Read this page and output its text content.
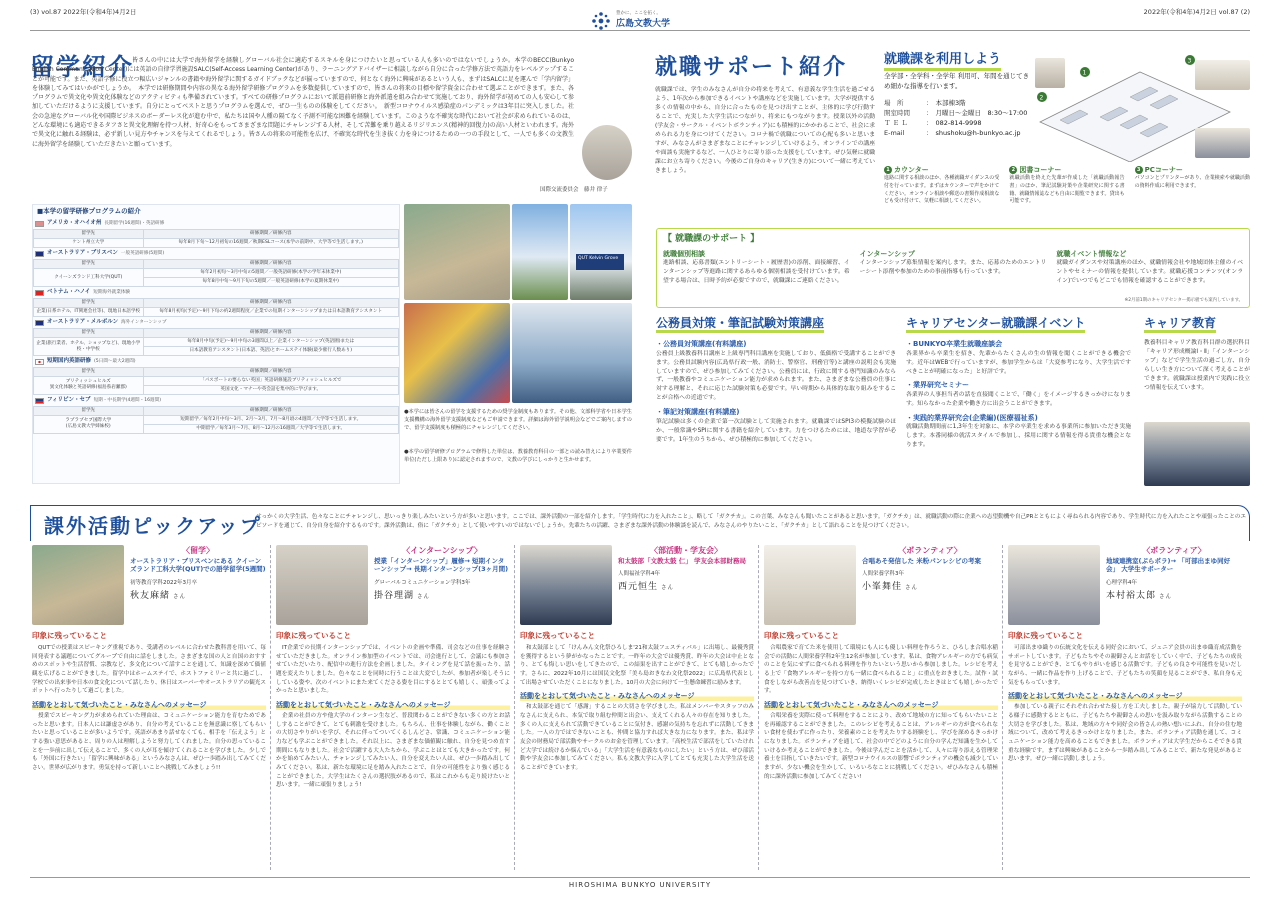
(3) vol.87 2022年(令和4年)4月2日	2022年(令和4年)4月2日 vol.87 (2)
豊かに、ここを拓く。
広島文教大学
留学紹介
皆さんの中には大学で海外留学を経験しグローバル社会に適応するスキルを身につけたいと思っている人も多いのではないでしょうか。本学のBECC(Bunkyo English Communication Center)には英語の自律学習施設SALC(Self-Access Learning Center)があり、ラーニングアドバイザーに相談しながら自分に合った学修方法で英語力をレベルアップすることが可能です。また、英語学修に役立つ幅広いジャンルの書籍や海外留学に関するガイドブックなどが揃っていますので、何となく海外に興味があるという人も、まずはSALCに足を運んで「学内留学」を体験してみてはいかがでしょうか。　本学では研修期間や内容の異なる海外留学研修プログラムを多数提供していますので、皆さんの将来の目標や留学資金に合わせて選ぶことができます。また、各プログラムで異文化や異文化体験などのアクティビティも準備されています。すべての研修プログラムにおいて派遣前研修と海外派遣を組み合わせて実施しており、海外留学が初めての人も安心して参加していただけるように支援しています。自分にとってベストと思うプログラムを選んで、ぜひ一生ものの体験をしてください。　新型コロナウイルス感染症のパンデミックは3年目に突入しました。社会の急速なグローバル化や国際ビジネスのボーダーレス化が進む中で、私たちは国や人種の隔てなく予測不可能な困難を経験しています。このような不確実な時代において社会が求められているのは、どんな環境にも適応できるタフさと異文化理解を持つ人材、好奇心をもってさまざまな問題にチャレンジする人材、そして苦難を乗り越えるリジリエンス(精神的回復力)の高い人材といわれます。海外で異文化に触れる経験は、必ず新しい見方やチャンスを与えてくれるでしょう。皆さんの将来の可能性を広げ、不確実な時代を生き抜く力を身につけるための一つの手段として、一人でも多くの文教生に海外留学を経験していただきたいと願っています。
国際交流委員会　藤井 律子
■本学の留学研修プログラムの紹介
アメリカ・オハイオ州 長期留学(16週間)・英語研修
留学先	研修期間／研修内容

ケント州立大学	毎年8月下旬〜12月初旬の16週間／秋期ESLコース(本学の前期中、大学等で生活します。)
オーストラリア・ブリスベン 一般英語研修(5週間)
留学先	研修期間／研修内容

クイーンズランド工科大学(QUT)	毎年2月初旬〜3月中旬の5週間／一般英語研修(本学の学年末休業中)
	毎年8月中旬〜9月下旬の5週間／一般英語研修(本学の夏期休業中)
ベトナム・ハノイ 短期海外就業体験
留学先	研修期間／研修内容

企業(日系ホテル、IT関連会社等)、現地日本語学校	毎年8月初旬(予定)〜9月下旬の約2週間程度／企業での短期インターンシップまたは日本語教育アシスタント
オーストラリア・メルボルン 海外インターンシップ
留学先	研修期間／研修内容

企業(旅行業者、ホテル、ショップなど)、現地小学校・中学校	毎年8月中旬(予定)〜9月中旬の3週間以上／企業インターンシップ(英語圏)または
	日本語教育アシスタント(日本語、英語)とホームステイ体験(最少催行人数あり)
短期国内英語研修 (5日間〜最大2週間)
留学先	研修期間／研修内容

ブリティッシュヒルズ
異文化体験と英語研修(福島県岩瀬郡)	「パスポートの要らない英国」英語研修施設ブリティッシュヒルズで
	英国文化・マナーや英会話を集中的に学びます。
フィリピン・セブ 短期・中長期学(4週間・16週間)
留学先	研修期間／研修内容

ラプラプセブ国際大学
(広島文教大学姉妹校)	短期留学／毎年2月中旬〜3月、2月〜3月、7月〜8月頃の4週間／大学等で生活します。
	中期留学／毎年3月〜7月、8月〜12月の16週間／大学等で生活します。
QUT Kelvin Grove
●本学には皆さんの留学を支援するための奨学金制度もあります。その他、文部科学省や日本学生支援機構の海外留学支援制度などもご申請できます。詳細は海外留学説明会などでご案内しますので、留学支援制度も積極的にチャレンジしてください。
●本学の留学研修プログラムで修得した単位は、教養教育科目の一部との読み替えにより卒業要件単位(ただし上限あり)に認定されますので、文教の学びにしっかりと生かせます。
就職サポート紹介
就職課では、学生のみなさんが自分の将来を考えて、有意義な学生生活を過ごせるよう、1年次から参加できるイベントや講座などを実施しています。大学が提供する多くの情報の中から、自分に合ったものを見つけ出すことが、主体的に学び行動することで、充実した大学生活につながり、将来にもつながります。授業以外の活動(学友会・サークル・イベントボランティア)にも積極的にかかわることで、社会に求められる力を身につけてください。コロナ禍で就職についての心配も多いと思いますが、みなさんがさまざまなことにチャレンジしていけるよう、オンラインでの講座や面談も実施するなど、一人ひとりに寄り添った支援をしています。ぜひ気軽に就職課にお立ち寄りください。今後のご自身のキャリア(生き方)について一緒に考えていきましょう。
就職課を利用しよう
全学部・全学科・全学年 利用可、年間を通じてきめ細かな指導を行います。
場　所	： 本部棟3階
開室時間	： 月曜日〜金曜日　8:30〜17:00
Ｔ Ｅ Ｌ	： 082-814-9998
E-mail	： shushoku@h-bunkyo.ac.jp
2
1
3
1 カウンター
進路に関する相談のほか、各種就職ガイダンスの受付を行っています。まずはカウンターで声をかけてください。オンライン相談や郵送の書類作成相談なども受け付けて、気軽に相談してください。
2 図書コーナー
就職活動を終えた先輩が作成した「就職活動報告書」のほか、筆記試験対策や企業研究に関する書籍、就職情報誌なども自由に閲覧できます。貸出も可能です。
3 PCコーナー
パソコンとプリンターがあり、企業検索や就職活動の資料作成に利用できます。
【 就職課のサポート 】
就職個別相談
進路相談、応募書類(エントリーシート・履歴書)の添削、面接練習、インターンシップ等進路に関するあらゆる個別相談を受付けています。希望する場合は、日時予約が必要ですので、就職課にご連絡ください。
インターンシップ
インターンシップ募集情報を案内します。また、応募のためのエントリーシート添削や参加のための事前指導も行っています。
就職イベント情報など
就職ガイダンスや対策講座のほか、就職情報会社や地域団体主催のイベントやセミナーの情報を提供しています。就職応援コンテンツ(オンライン)でいつでもどこでも情報を確認することができます。
※2月前1期のキャリアセンター掲示板でも案内しています。
公務員対策・筆記試験対策講座
・公務員対策講座(有料講座)
公務員上級教養科目講座と上級専門科目講座を実施しており、低価格で受講することができます。公務員試験内容(広島県行政一般、消防士、警察官、刑務官等)と講座の説明会も実施していますので、ぜひ参加してみてください。公務員には、行政に関する専門知識のみならず、一般教養やコミュニケーション能力が求められます。また、さまざまな公務員の仕事に対する理解と、それに応じた試験対策も必要です。早い時期から具体的な取り組みをすることが合格への近道です。
・筆記対策講座(有料講座)
筆記試験は多くの企業で第一次試験として実施されます。就職課ではSPI3の模擬試験のほか、一般常識やSPIに関する書籍を紹介しています。力をつけるためには、地道な学習が必要です。1年生のうちから、ぜひ積極的に参加してください。
キャリアセンター就職課イベント
・BUNKYO卒業生就職座談会
各業界から卒業生を招き、先輩からたくさんの生の情報を聞くことができる機会です。近年はWEBで行っていますが、参加学生からは「大変参考になり、大学生活ですべきことが明確になった」と好評です。
・業界研究セミナー
各業界の人事担当者の話を直接聞くことで、「働く」をイメージするきっかけになります。知らなかった企業や働き方に出会うことができます。
・実践的業界研究会(企業編)(医療福祉系)
就職活動期間前に1,3年生を対象に、本学の卒業生を求める事業所に参加いただき実施します。本番同様の就活スタイルで参加し、採用に関する情報を得る貴重な機会となります。
キャリア教育
教養科目キャリア教育科目群の選択科目「キャリア形成概論Ⅰ・Ⅱ」「インターンシップ」などで学生生活の過ごし方、自分らしい生き方について深く考えることができます。就職課は授業内で実践に役立つ情報を伝えています。
課外活動ピックアップ
せっかくの大学生活、色々なことにチャレンジし、思いっきり楽しみたいという方が多いと思います。ここでは、課外活動の一部を紹介します。「学生時代に力を入れたこと」、略して「ガクチカ」。この言葉、みなさんも聞いたことがあると思います。「ガクチカ」は、就職活動の際に企業への志望動機や自己PRとともによく尋ねられる内容であり、学生時代に力を入れたことや頑張ったことのエピソードを通じて、自分自身を紹介するものです。課外活動は、俗に「ガクチカ」として使いやすいのではないでしょうか。先輩たちの活躍、さまざまな課外活動の体験談を読んで、みなさんのやりたいこと、「ガクチカ」として語れることを見つけてください。
〈留学〉
オーストラリア・ブリスベンにある クイーンズランド工科大学(QUT)での語学留学(5週間)
初等教育学科2022年3月卒
秋友麻緒 さん
印象に残っていること
QUTでの授業はスピーキング重視であり、受講者のレベルに合わせた教科書を用いて、毎回発表する議題についてグループで自由に話をしました。さまざまな国の人と自国のおすすめのスポットや生活習慣、宗教など、多文化について話すことを通して、知識を深めて価値観を広げることができました。留学中はホームステイで、ホストファミリーと共に過ごし、学校での出来事や日本の食文化について話したり、休日はスーパーやオーストラリアの観光スポットへ行ったりして過ごしました。
活動をとおして気づいたこと・みなさんへのメッセージ
授業でスピーキング力が求められていた理由は、コミュニケーション能力を育むためであったと思います。日本人には謙虚さがあり、自分の考えていることを無意識に察してもらいたいと思っていることが多いようです。英語があまり話せなくても、相手を「伝えよう」とする強い意思があると、周りの人は理解しようと努力してくれました。自分の思っていることを一歩前に出して伝えることで、多くの人が耳を傾けてくれることを学びました。少しでも「外国に行きたい」「留学に興味がある」というみなさんは、ぜひ一歩踏み出してみてください。世界が広がります。勇気を持って新しいことへ挑戦してみましょう!!
〈インターンシップ〉
授業「インターンシップ」履修→ 短期インターンシップ→ 長期インターンシップ(3ヶ月間)
グローバルコミュニケーション学科3年
掛谷理湖 さん
印象に残っていること
IT企業での長期インターンシップでは、イベントの企画や準備、司会などの仕事を経験させていただきました。オンライン参加型のイベントでは、司会進行として、会議にも参加させていただいたり、配信中の進行方法を企画しました。タイミングを見て話を振ったり、話題を変えたりしました。色々なことを同時に行うことは大変でしたが、参加者が楽しそうにしている姿や、次のイベントにまた来てくださる姿を目にするととても嬉しく、頑張ってよかったと思いました。
活動をとおして気づいたこと・みなさんへのメッセージ
企業の社員の方や他大学のインターン生など、普段関わることができない多くの方とお話しすることができて、とても刺激を受けました。もちろん、仕事を体験しながら、働くことの大切さやりがいを学び、それに伴ってついてくるしんどさ、常識、コミュニケーション能力なども学ぶことができました。それ以上に、さまざまな価値観に触れ、自分を見つめ直す期間にもなりました。社会で活躍する大人たちから、学ぶことはとても大きかったです。何かを始めてみたい人、チャレンジしてみたい人、自分を変えたい人は、ぜひ一歩踏み出してみてください。私は、新たな環境に足を踏み入れたことで、自分の可能性をより強く感じることができました。大学生はたくさんの選択肢があるので、私はこれからも走り続けたいと思います。一緒に頑張りましょう!
〈部活動・学友会〉
和太鼓部「文教太鼓 仁」 学友会本部財務局
人間福祉学科4年
西元恒生 さん
印象に残っていること
和太鼓部として「けんみん文化祭ひろしま'21和太鼓フェスティバル」に出場し、最優秀賞を獲得するという夢がかなったことです。一昨年の大会では優秀賞、昨年の大会は中止となり、とても悔しい思いをしてきたので、この結果を出すことができて、とても嬉しかったです。さらに、2022年10月には国民文化祭「美ら島おきなわ文化祭2022」に広島県代表として出場させていただくことになりました。10月の大会に向けて一生懸命練習に励みます。
活動をとおして気づいたこと・みなさんへのメッセージ
和太鼓部を通じて「感謝」することの大切さを学びました。私はメンバーやスタッフのみなさんに支えられ、本気で取り組む仲間と出会い、支えてくれる人々の存在を知りました。多くの人に支えられて活動できていることに気付き、感謝の気持ちを忘れずに活動してきました。一人の力ではできないことも、仲間と協力すれば大きな力になります。また、私は学友会の財務局で部活動やサークルのお金を管理しています。「高校生活で部活をしていたけれど大学では続けるか悩んでいる」「大学生活を有意義なものにしたい」という方は、ぜひ部活動や学友会に参加してみてください。私も文教大学に入学してとても充実した大学生活を送ることができています。
〈ボランティア〉
合唱あそ発信した 米粉パンレシピの考案
人間栄養学科3年
小峯舞佳 さん
印象に残っていること
合唱農家で育てた米を使用して環境にも人にも優しい料理を作ろうと、ひろしま合唱水稲会での活動に人間栄養学科2年生12名が参加しています。私は、食物アレルギーの方でも病気のことを気にせずに食べられる料理を作りたいという思いから参加しました。レシピを考える上で「食物アレルギーを持つ方も一緒に食べられること」に重点をおきました。試作・試食をしながら改善点を見つけていき、納得いくレシピが完成したときはとても嬉しかったです。
活動をとおして気づいたこと・みなさんへのメッセージ
合唱栄養を実際に使って料理をすることにより、改めて地域の方に知ってもらいたいことを再確認することができました。このレシピを考えることは、アレルギーの方が食べられない食材を使わずに作ったり、栄養素のことを考えたりする経験をし、学びを深めるきっかけになりました。ボランティアを通して、社会の中でどのように自分の学んだ知識を生かしていけるか考えることができました。今後は学んだことを活かして、人々に寄り添える管理栄養士を目指していきたいです。新型コロナウイルスの影響でボランティアの機会も減少していますが、少ない機会を生かして、いろいろなことに挑戦してください。ぜひみなさんも積極的に課外活動に参加してみてください!
〈ボランティア〉
地域連携室(ぷらボラ)→ 「可部出まゆ同好会」 大学生サポーター
心理学科4年
本村裕太郎 さん
印象に残っていること
可部出まゆ織りの伝統文化を伝える同好会において、ジュニア会員の出まゆ織育成活動をサポートしています。子どもたちやその親御さんとお話をしていく中で、子どもたちの成長を見守ることができ、とてもやりがいを感じる活動です。子どもの良さや可能性を見いだしながら、一緒に作品を作り上げることで、子どもたちの笑顔を見ることができ、私自身も元気をもらっています。
活動をとおして気づいたこと・みなさんへのメッセージ
参加している親子にそれぞれ合わせた接し方を工夫しました。親子が協力して活動している様子に感動するとともに、子どもたちや親御さんの思いを汲み取りながら活動することの大切さを学びました。私は、地域の方々や同好会の皆さんの熱い想いにふれ、自分の住む地域について、改めて考えるきっかけとなりました。また、ボランティア活動を通して、コミュニケーション能力を高めることもできました。ボランティアは大学生だからこそできる貴重な経験です。まずは興味があることから一歩踏み出してみることで、新たな発見があると思います。ぜひ一緒に活動しましょう。
HIROSHIMA BUNKYO UNIVERSITY
